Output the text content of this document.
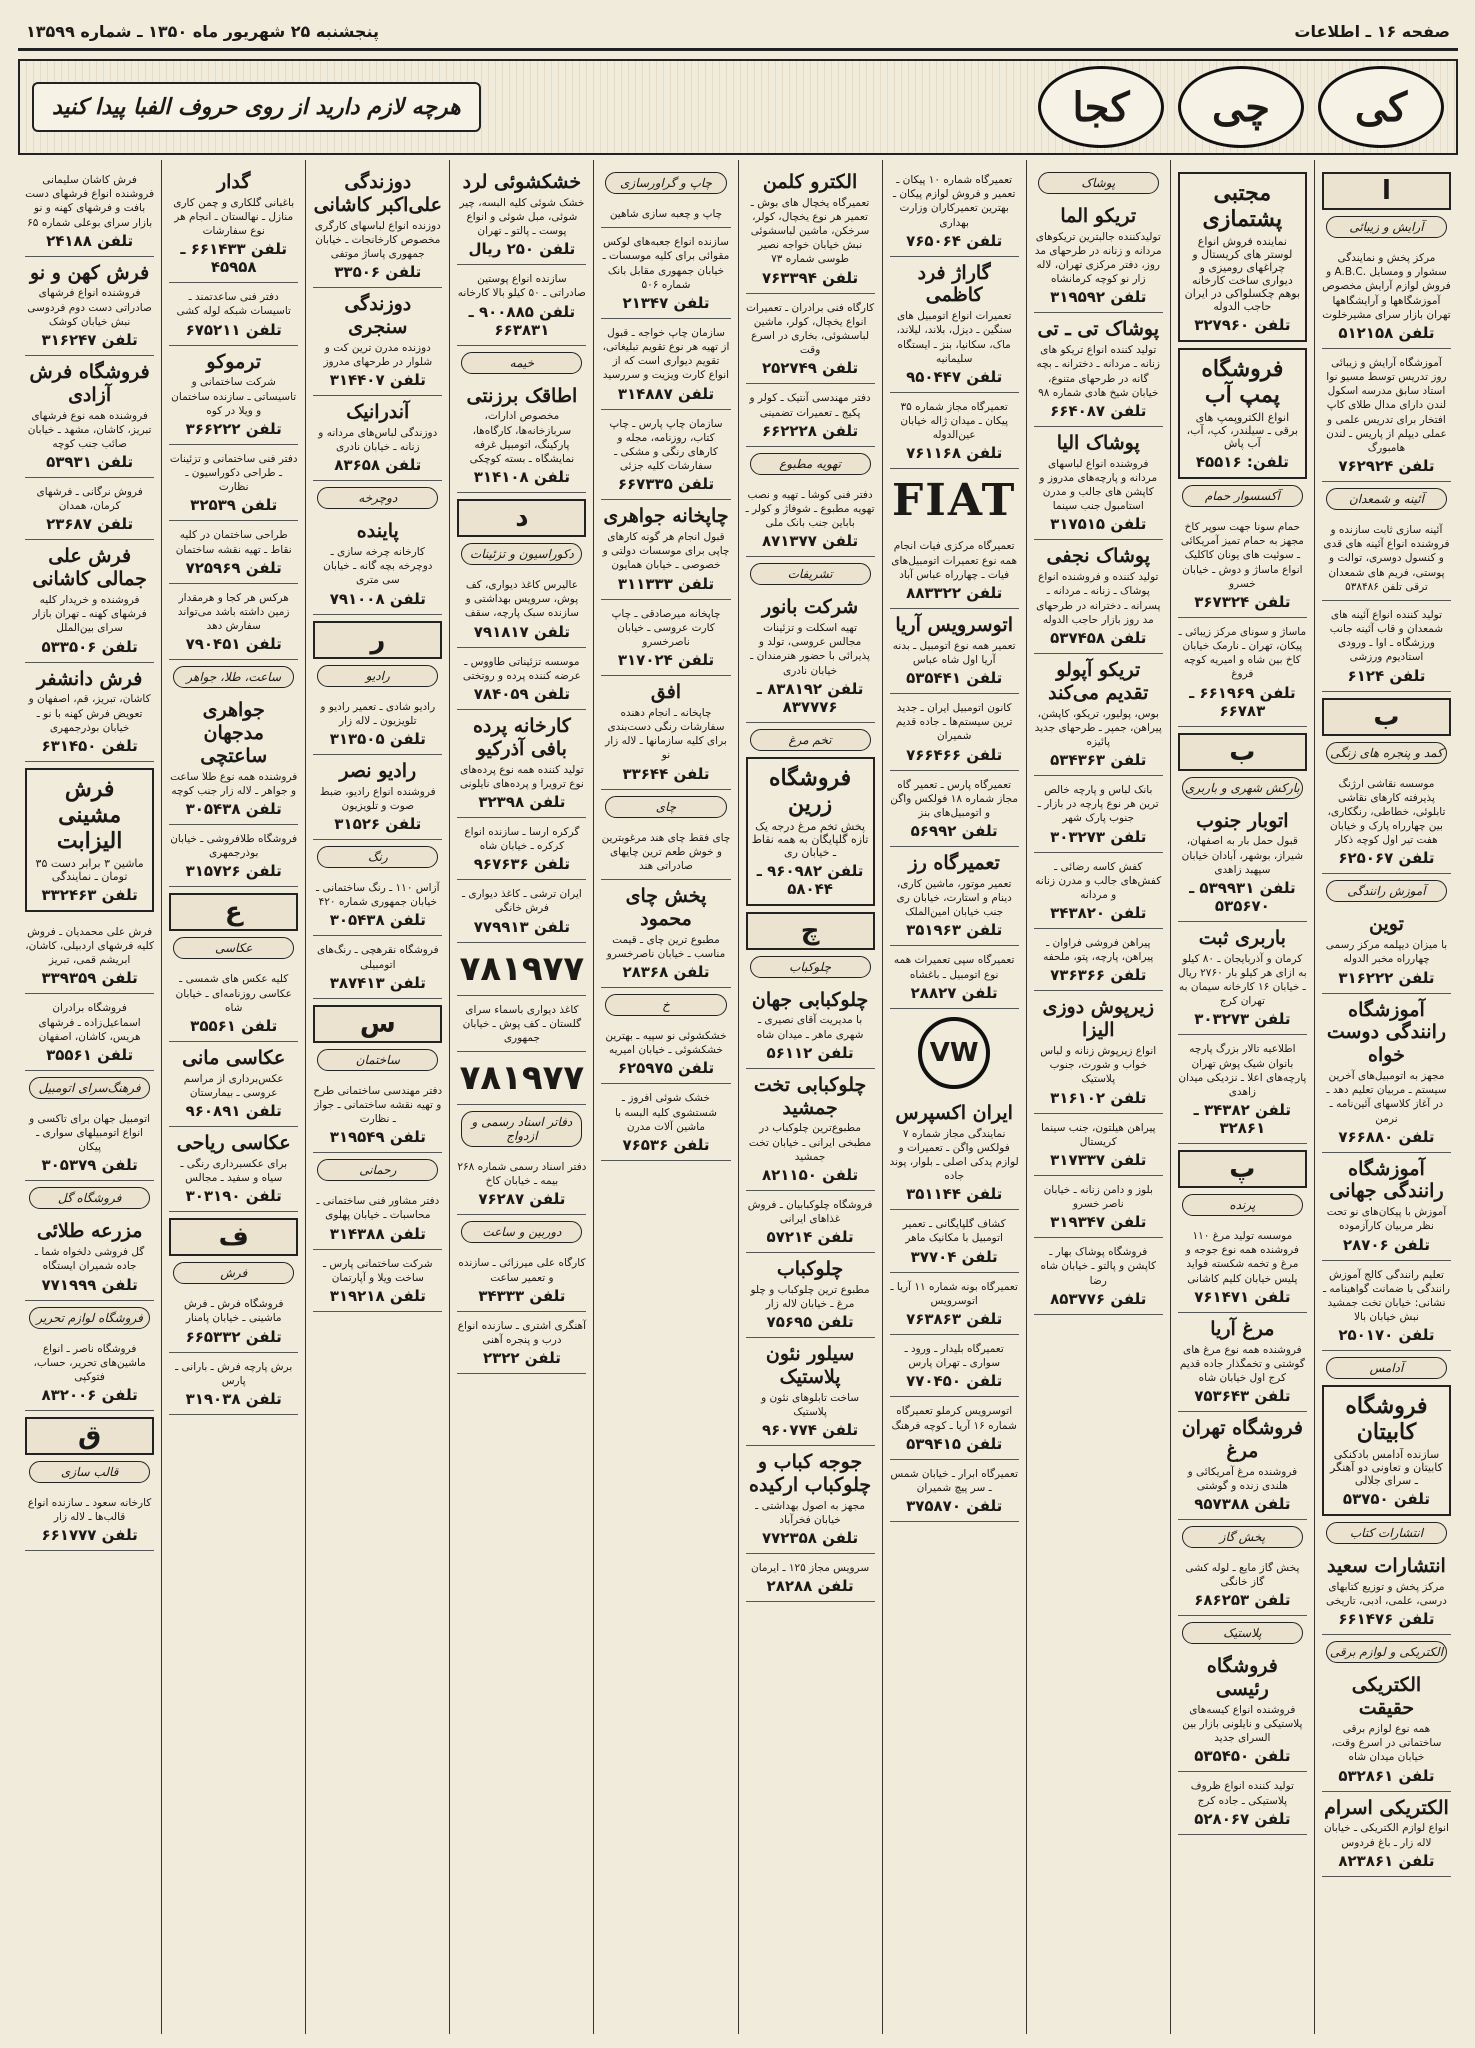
صفحه ۱۶ ـ اطلاعات
پنجشنبه ۲۵ شهریور ماه ۱۳۵۰ ـ شماره ۱۳۵۹۹
کی
چی
کجا
هرچه لازم دارید از روی حروف الفبا پیدا کنید
ا
آرایش و زیبائی
مرکز پخش و نمایندگی سشوار و ومسایل .A.B.C و فروش لوازم آرایش مخصوص آموزشگاهها و آرایشگاهها تهران بازار سرای مشیرخلوت
تلفن ۵۱۲۱۵۸
آموزشگاه آرایش و زیبائی روز تدریس توسط مسیو نوا استاد سابق مدرسه اسکول لندن دارای مدال طلای کاپ افتخار برای تدریس علمی و عملی دیپلم از پاریس ـ لندن هامبورگ
تلفن ۷۶۲۹۲۴
آئینه و شمعدان
آئینه سازی ثابت سازنده و فروشنده انواع آئینه های قدی و کنسول دوسری، توالت و پوستی، فریم های شمعدان ترقی تلفن ۵۳۸۴۸۶
تولید کننده انواع آئینه های شمعدان و قاب آئینه جانب ورزشگاه ـ اوا ـ ورودی استادیوم ورزشی
تلفن ۶۱۲۴
ب
کمد و پنجره های زنگی
موسسه نقاشی ارژنگ پذیرفته کارهای نقاشی تابلوئی، خطاطی، رنگکاری، بین چهارراه پارک و خیابان هفت تیر اول کوچه ذکار
تلفن ۶۲۵۰۶۷
آموزش رانندگی
توین
با میزان دیپلمه مرکز رسمی چهارراه مخبر الدوله
تلفن ۳۱۶۲۲۲
آموزشگاه رانندگی دوست خواه
مجهز به اتومبیل‌های آخرین سیستم ـ مربیان تعلیم دهد ـ در آغاز کلاسهای آئین‌نامه ـ نرمن
تلفن ۷۶۶۸۸۰
آموزشگاه رانندگی جهانی
آموزش با پیکان‌های نو تحت نظر مربیان کارآزموده
تلفن ۲۸۷۰۶
تعلیم رانندگی کالج آموزش رانندگی با ضمانت گواهینامه ـ نشانی: خیابان تخت جمشید نبش خیابان بالا
تلفن ۲۵۰۱۷۰
آدامس
فروشگاه کابیتان
سازنده آدامس بادکنکی کابیتان و تعاونی دو آهنگر ـ سرای جلالی
تلفن ۵۳۷۵۰
انتشارات کتاب
انتشارات سعید
مرکز پخش و توزیع کتابهای درسی، علمی، ادبی، تاریخی
تلفن ۶۶۱۴۷۶
الکتریکی و لوازم برقی
الکتریکی حقیقت
همه نوع لوازم برقی ساختمانی در اسرع وقت، خیابان میدان شاه
تلفن ۵۳۲۸۶۱
الکتریکی اسرام
انواع لوازم الکتریکی ـ خیابان لاله زار ـ باغ فردوس
تلفن ۸۲۳۸۶۱
مجتبی پشتمازی
نماینده فروش انواع لوستر های کریستال و چراغهای رومیزی و دیواری ساخت کارخانه بوهم چکسلواکی در ایران حاجب الدوله
تلفن ۳۲۷۹۶۰
فروشگاه پمپ آب
انواع الکتروپمپ های برقی ـ سیلندر، کپ، آب، آب پاش
تلفن: ۴۵۵۱۶
آکسسوار حمام
حمام سونا جهت سوپر کاخ مجهز به حمام تمیز آمریکائی ـ سوئیت های یونان کاکلیک انواع ماساژ و دوش ـ خیابان خسرو
تلفن ۳۶۷۳۲۴
ماساژ و سونای مرکز زیبائی ـ پیکان، تهران ـ نارمک خیابان کاخ بین شاه و امیریه کوچه فروغ
تلفن ۶۶۱۹۶۹ ـ ۶۶۷۸۳
ب
بارکش شهری و باربری
اتوبار جنوب
قبول حمل بار به اصفهان، شیراز، بوشهر، آبادان خیابان سپهبد زاهدی
تلفن ۵۳۹۹۳۱ ـ ۵۳۵۶۷۰
باربری ثبت
کرمان و آذربایجان ـ ۸۰ کیلو به ازای هر کیلو بار ۲۷۶۰ ریال ـ خیابان ۱۶ کارخانه سیمان به تهران کرج
تلفن ۳۰۳۲۷۳
اطلاعیه تالار بزرگ پارچه بانوان شیک پوش تهران پارچه‌های اعلا ـ نزدیکی میدان زاهدی
تلفن ۳۴۳۸۲ ـ ۳۲۸۶۱
پ
پرنده
موسسه تولید مرغ ۱۱۰ فروشنده همه نوع جوجه و مرغ و تخمه شکسته فواید پلیس خیابان کلیم کاشانی
تلفن ۷۶۱۴۷۱
مرغ آریا
فروشنده همه نوع مرغ های گوشتی و تخمگذار جاده قدیم کرج اول خیابان شاه
تلفن ۷۵۳۶۴۳
فروشگاه تهران مرغ
فروشنده مرغ آمریکائی و هلندی زنده و گوشتی
تلفن ۹۵۷۳۸۸
پخش گاز
پخش گاز مایع ـ لوله کشی گاز خانگی
تلفن ۶۸۶۲۵۳
پلاستیک
فروشگاه رئیسی
فروشنده انواع کیسه‌های پلاستیکی و نایلونی بازار بین السرای جدید
تلفن ۵۳۵۴۵۰
تولید کننده انواع ظروف پلاستیکی ـ جاده کرج
تلفن ۵۲۸۰۶۷
پوشاک
تریکو الما
تولیدکننده جالبترین تریکوهای مردانه و زنانه در طرحهای مد روز، دفتر مرکزی تهران، لاله زار نو کوچه کرمانشاه
تلفن ۳۱۹۵۹۲
پوشاک تی ـ تی
تولید کننده انواع تریکو های زنانه ـ مردانه ـ دخترانه ـ بچه گانه در طرحهای متنوع، خیابان شیخ هادی شماره ۹۸
تلفن ۶۶۴۰۸۷
پوشاک الیا
فروشنده انواع لباسهای مردانه و پارچه‌های مدروز و کاپشن های جالب و مدرن استامبول جنب سینما
تلفن ۳۱۷۵۱۵
پوشاک نجفی
تولید کننده و فروشنده انواع پوشاک ـ زنانه ـ مردانه ـ پسرانه ـ دخترانه در طرحهای مد روز بازار حاجب الدوله
تلفن ۵۳۷۴۵۸
تریکو آپولو تقدیم می‌کند
بوس، پولیور، تریکو، کاپشن، پیراهن، جمپر ـ طرحهای جدید پائیزه
تلفن ۵۳۴۳۶۳
بانک لباس و پارچه خالص ترین هر نوع پارچه در بازار ـ جنوب پارک شهر
تلفن ۳۰۳۲۷۳
کفش کاسه رضائی ـ کفش‌های جالب و مدرن زنانه و مردانه
تلفن ۳۴۳۸۲۰
پیراهن فروشی فراوان ـ پیراهن، پارچه، پتو، ملحفه
تلفن ۷۳۶۳۶۶
زیرپوش دوزی الیزا
انواع زیرپوش زنانه و لباس خواب و شورت، جنوب پلاستیک
تلفن ۳۱۶۱۰۲
پیراهن هیلتون، جنب سینما کریستال
تلفن ۳۱۷۳۳۷
بلوز و دامن زنانه ـ خیابان ناصر خسرو
تلفن ۳۱۹۳۴۷
فروشگاه پوشاک بهار ـ کاپشن و پالتو ـ خیابان شاه رضا
تلفن ۸۵۳۷۷۶
تعمیرگاه شماره ۱۰ پیکان ـ تعمیر و فروش لوازم پیکان ـ بهترین تعمیرکاران وزارت بهداری
تلفن ۷۶۵۰۶۴
گاراژ فرد کاظمی
تعمیرات انواع اتومبیل های سنگین ـ دیزل، بلاند، لیلاند، ماک، سکانیا، بنز ـ ایستگاه سلیمانیه
تلفن ۹۵۰۴۴۷
تعمیرگاه مجاز شماره ۳۵ پیکان ـ میدان ژاله خیابان عین‌الدوله
تلفن ۷۶۱۱۶۸
FIAT
تعمیرگاه مرکزی فیات انجام همه نوع تعمیرات اتومبیل‌های فیات ـ چهارراه عباس آباد
تلفن ۸۸۳۳۲۲
اتوسرویس آریا
تعمیر همه نوع اتومبیل ـ بدنه آریا اول شاه عباس
تلفن ۵۳۵۴۴۱
کانون اتومبیل ایران ـ جدید ترین سیستم‌ها ـ جاده قدیم شمیران
تلفن ۷۶۶۴۶۶
تعمیرگاه پارس ـ تعمیر گاه مجاز شماره ۱۸ فولکس واگن و اتومبیل‌های بنز
تلفن ۵۶۹۹۲
تعمیرگاه رز
تعمیر موتور، ماشین کاری، دینام و استارت، خیابان ری جنب خیابان امین‌الملک
تلفن ۳۵۱۹۶۳
تعمیرگاه سپی تعمیرات همه نوع اتومبیل ـ باغشاه
تلفن ۲۸۸۲۷
VW
ایران اکسپرس
نمایندگی مجاز شماره ۷ فولکس واگن ـ تعمیرات و لوازم یدکی اصلی ـ بلوار، پوند جاده
تلفن ۳۵۱۱۴۴
کشاف گلپایگانی ـ تعمیر اتومبیل با مکانیک ماهر
تلفن ۳۷۷۰۴
تعمیرگاه بونه شماره ۱۱ آریا ـ اتوسرویس
تلفن ۷۶۳۸۶۳
تعمیرگاه بلیدار ـ ورود ـ سواری ـ تهران پارس
تلفن ۷۷۰۴۵۰
اتوسرویس کرملو تعمیرگاه شماره ۱۶ آریا ـ کوچه فرهنگ
تلفن ۵۳۹۴۱۵
تعمیرگاه ابرار ـ خیابان شمس ـ سر پیچ شمیران
تلفن ۳۷۵۸۷۰
الکترو کلمن
تعمیرگاه یخچال های بوش ـ تعمیر هر نوع یخچال، کولر، سرخکن، ماشین لباسشوئی نبش خیابان خواجه نصیر طوسی شماره ۷۳
تلفن ۷۶۳۳۹۴
کارگاه فنی برادران ـ تعمیرات انواع یخچال، کولر، ماشین لباسشوئی، بخاری در اسرع وقت
تلفن ۲۵۲۷۴۹
دفتر مهندسی آنتیک ـ کولر و پکیج ـ تعمیرات تضمینی
تلفن ۶۶۲۲۲۸
تهویه مطبوع
دفتر فنی کوشا ـ تهیه و نصب تهویه مطبوع ـ شوفاژ و کولر ـ باباین جنب بانک ملی
تلفن ۸۷۱۳۷۷
تشریفات
شرکت بانور
تهیه اسکلت و تزئینات مجالس عروسی، تولد و پذیرائی با حضور هنرمندان ـ خیابان نادری
تلفن ۸۳۸۱۹۲ ـ ۸۳۷۷۷۶
تخم مرغ
فروشگاه زرین
پخش تخم مرغ درجه یک تازه گلپایگان به همه نقاط ـ خیابان ری
تلفن ۹۶۰۹۸۲ ـ ۵۸۰۴۴
چ
چلوکباب
چلوکبابی جهان
با مدیریت آقای نصیری ـ شهری ماهر ـ میدان شاه
تلفن ۵۶۱۱۲
چلوکبابی تخت جمشید
مطبوع‌ترین چلوکباب در مطبخی ایرانی ـ خیابان تخت جمشید
تلفن ۸۲۱۱۵۰
فروشگاه چلوکبابیان ـ فروش غذاهای ایرانی
تلفن ۵۷۲۱۴
چلوکباب
مطبوع ترین چلوکباب و چلو مرغ ـ خیابان لاله زار
تلفن ۷۵۶۹۵
سیلور نئون پلاستیک
ساخت تابلوهای نئون و پلاستیک
تلفن ۹۶۰۷۷۴
جوجه کباب و چلوکباب ارکیده
مجهز به اصول بهداشتی ـ خیابان فخرآباد
تلفن ۷۷۲۳۵۸
سرویس مجاز ۱۲۵ ـ ایرمان
تلفن ۲۸۲۸۸
چاپ و گراورسازی
چاپ و چعبه سازی شاهین
سازنده انواع جعبه‌های لوکس مقوائی برای کلیه موسسات ـ خیابان جمهوری مقابل بانک شماره ۵۰۶
تلفن ۲۱۳۴۷
سازمان چاپ خواجه ـ قبول از تهیه هر نوع تقویم تبلیغاتی، تقویم دیواری است که از انواع کارت ویزیت و سررسید
تلفن ۳۱۴۸۸۷
سازمان چاپ پارس ـ چاپ کتاب، روزنامه، مجله و کارهای رنگی و مشکی ـ سفارشات کلیه جزئی
تلفن ۶۶۷۳۳۵
چاپخانه جواهری
قبول انجام هر گونه کارهای چاپی برای موسسات دولتی و خصوصی ـ خیابان همایون
تلفن ۳۱۱۳۳۳
چاپخانه میرصادقی ـ چاپ کارت عروسی ـ خیابان ناصرخسرو
تلفن ۳۱۷۰۲۴
افق
چاپخانه ـ انجام دهنده سفارشات رنگی دست‌بندی برای کلیه سازمانها ـ لاله زار نو
تلفن ۳۳۶۴۴
چای
چای فقط چای هند مرغوبترین و خوش طعم ترین چایهای صادراتی هند
پخش چای محمود
مطبوع ترین چای ـ قیمت مناسب ـ خیابان ناصرخسرو
تلفن ۲۸۳۶۸
خ
خشکشوئی نو سپیه ـ بهترین خشکشوئی ـ خیابان امیریه
تلفن ۶۲۵۹۷۵
خشک شوئی افروز ـ شستشوی کلیه البسه با ماشین آلات مدرن
تلفن ۷۶۵۳۶
خشکشوئی لرد
خشک شوئی کلیه البسه، چیر شوئی، مبل شوئی و انواع پوست ـ پالتو ـ تهران
تلفن ۲۵۰ ریال
سازنده انواع پوستین صادراتی ـ ۵۰ کیلو بالا کارخانه
تلفن ۹۰۰۸۸۵ ـ ۶۶۳۸۳۱
خیمه
اطاقک برزنتی
مخصوص ادارات، سربازخانه‌ها، کارگاه‌ها، پارکینگ، اتومبیل غرفه نمایشگاه ـ بسته کوچکی
تلفن ۳۱۴۱۰۸
د
دکوراسیون و تزئینات
عالیرس کاغذ دیواری، کف پوش، سرویس بهداشتی و سازنده سبک پارچه، سقف
تلفن ۷۹۱۸۱۷
موسسه تزئیناتی طاووس ـ عرضه کننده پرده و روتختی
تلفن ۷۸۴۰۵۹
کارخانه پرده بافی آذرکیو
تولید کننده همه نوع پرده‌های نوع ترویرا و پرده‌های نایلونی
تلفن ۳۲۳۹۸
گرکره ارسا ـ سازنده انواع کرکره ـ خیابان شاه
تلفن ۹۶۷۶۳۶
ایران ترشی ـ کاغذ دیواری ـ فرش خانگی
تلفن ۷۷۹۹۱۳
۷۸۱۹۷۷
کاغذ دیواری باسماء سرای گلستان ـ کف پوش ـ خیابان جمهوری
۷۸۱۹۷۷
دفاتر اسناد رسمی و ازدواج
دفتر اسناد رسمی شماره ۲۶۸ بیمه ـ خیابان کاخ
تلفن ۷۶۲۸۷
دوربین و ساعت
کارگاه علی میرزائی ـ سازنده و تعمیر ساعت
تلفن ۳۴۳۳۳
آهنگری اشتری ـ سازنده انواع درب و پنجره آهنی
تلفن ۲۳۲۲
دوزندگی علی‌اکبر کاشانی
دوزنده انواع لباسهای کارگری مخصوص کارخانجات ـ خیابان جمهوری پاساژ موتفی
تلفن ۳۳۵۰۶
دوزندگی سنجری
دوزنده مدرن ترین کت و شلوار در طرحهای مدروز
تلفن ۳۱۴۴۰۷
آندرانیک
دوزندگی لباس‌های مردانه و زنانه ـ خیابان نادری
تلفن ۸۳۶۵۸
دوچرخه
پاینده
کارخانه چرخه سازی ـ دوچرخه بچه گانه ـ خیابان سی متری
تلفن ۷۹۱۰۰۸
ر
رادیو
رادیو شادی ـ تعمیر رادیو و تلویزیون ـ لاله زار
تلفن ۳۱۳۵۰۵
رادیو نصر
فروشنده انواع رادیو، ضبط صوت و تلویزیون
تلفن ۳۱۵۲۶
رنگ
آزاس ۱۱۰ ـ رنگ ساختمانی ـ خیابان جمهوری شماره ۴۲۰
تلفن ۳۰۵۴۳۸
فروشگاه نقرهچی ـ رنگ‌های اتومبیلی
تلفن ۳۸۷۴۱۳
س
ساختمان
دفتر مهندسی ساختمانی طرح و تهیه نقشه ساختمانی ـ جواز ـ نظارت
تلفن ۳۱۹۵۴۹
رحمانی
دفتر مشاور فنی ساختمانی ـ محاسبات ـ خیابان پهلوی
تلفن ۳۱۴۳۸۸
شرکت ساختمانی پارس ـ ساخت ویلا و آپارتمان
تلفن ۳۱۹۲۱۸
گدار
باغبانی گلکاری و چمن کاری منازل ـ نهالستان ـ انجام هر نوع سفارشات
تلفن ۶۶۱۴۳۳ ـ ۴۵۹۵۸
دفتر فنی ساعدتمند ـ تاسیسات شبکه لوله کشی
تلفن ۶۷۵۲۱۱
ترموکو
شرکت ساختمانی و تاسیساتی ـ سازنده ساختمان و ویلا در کوه
تلفن ۳۶۶۲۲۲
دفتر فنی ساختمانی و تزئینات ـ طراحی دکوراسیون ـ نظارت
تلفن ۳۲۵۳۹
طراحی ساختمان در کلیه نقاط ـ تهیه نقشه ساختمان
تلفن ۷۲۵۹۶۹
هرکس هر کجا و هرمقدار زمین داشته باشد می‌تواند سفارش دهد
تلفن ۷۹۰۴۵۱
ساعت، طلا، جواهر
جواهری مدجهان ساعتچی
فروشنده همه نوع طلا ساعت و جواهر ـ لاله زار جنب کوچه
تلفن ۳۰۵۴۳۸
فروشگاه طلافروشی ـ خیابان بوذرجمهری
تلفن ۳۱۵۷۲۶
ع
عکاسی
کلیه عکس های شمسی ـ عکاسی روزنامه‌ای ـ خیابان شاه
تلفن ۳۵۵۶۱
عکاسی مانی
عکس‌برداری از مراسم عروسی ـ بیمارستان
تلفن ۹۶۰۸۹۱
عکاسی ریاحی
برای عکسبرداری رنگی ـ سیاه و سفید ـ مجالس
تلفن ۳۰۳۱۹۰
ف
فرش
فروشگاه فرش ـ فرش ماشینی ـ خیابان پامنار
تلفن ۶۶۵۳۳۲
برش پارچه فرش ـ بارانی ـ پارس
تلفن ۳۱۹۰۳۸
فرش کاشان سلیمانی فروشنده انواع فرشهای دست بافت و فرشهای کهنه و نو بازار سرای بوعلی شماره ۶۵
تلفن ۲۴۱۸۸
فرش کهن و نو
فروشنده انواع فرشهای صادراتی دست دوم فردوسی نبش خیابان کوشک
تلفن ۳۱۶۲۴۷
فروشگاه فرش آزادی
فروشنده همه نوع فرشهای تبریز، کاشان، مشهد ـ خیابان صائب جنب کوچه
تلفن ۵۳۹۳۱
فروش نرگانی ـ فرشهای کرمان، همدان
تلفن ۲۳۶۸۷
فرش علی جمالی کاشانی
فروشنده و خریدار کلیه فرشهای کهنه ـ تهران بازار سرای بین‌الملل
تلفن ۵۳۳۵۰۶
فرش دانشفر
کاشان، تبریز، قم، اصفهان و تعویض فرش کهنه با نو ـ خیابان بوذرجمهری
تلفن ۶۳۱۴۵۰
فرش مشینی الیزابت
ماشین ۳ برابر دست ۳۵ تومان ـ نمایندگی
تلفن ۳۳۲۴۶۳
فرش علی محمدیان ـ فروش کلیه فرشهای اردبیلی، کاشان، ابریشم قمی، تبریز
تلفن ۳۳۹۳۵۹
فروشگاه برادران اسماعیل‌زاده ـ فرشهای هریس، کاشان، اصفهان
تلفن ۳۵۵۶۱
فرهنگ‌سرای اتومبیل
اتومبیل جهان برای تاکسی و انواع اتومبیلهای سواری ـ پیکان
تلفن ۳۰۵۳۷۹
فروشگاه گل
مزرعه طلائی
گل فروشی دلخواه شما ـ جاده شمیران ایستگاه
تلفن ۷۷۱۹۹۹
فروشگاه لوازم تحریر
فروشگاه ناصر ـ انواع ماشین‌های تحریر، حساب، فتوکپی
تلفن ۸۳۲۰۰۶
ق
قالب سازی
کارخانه سعود ـ سازنده انواع قالب‌ها ـ لاله زار
تلفن ۶۶۱۷۷۷
